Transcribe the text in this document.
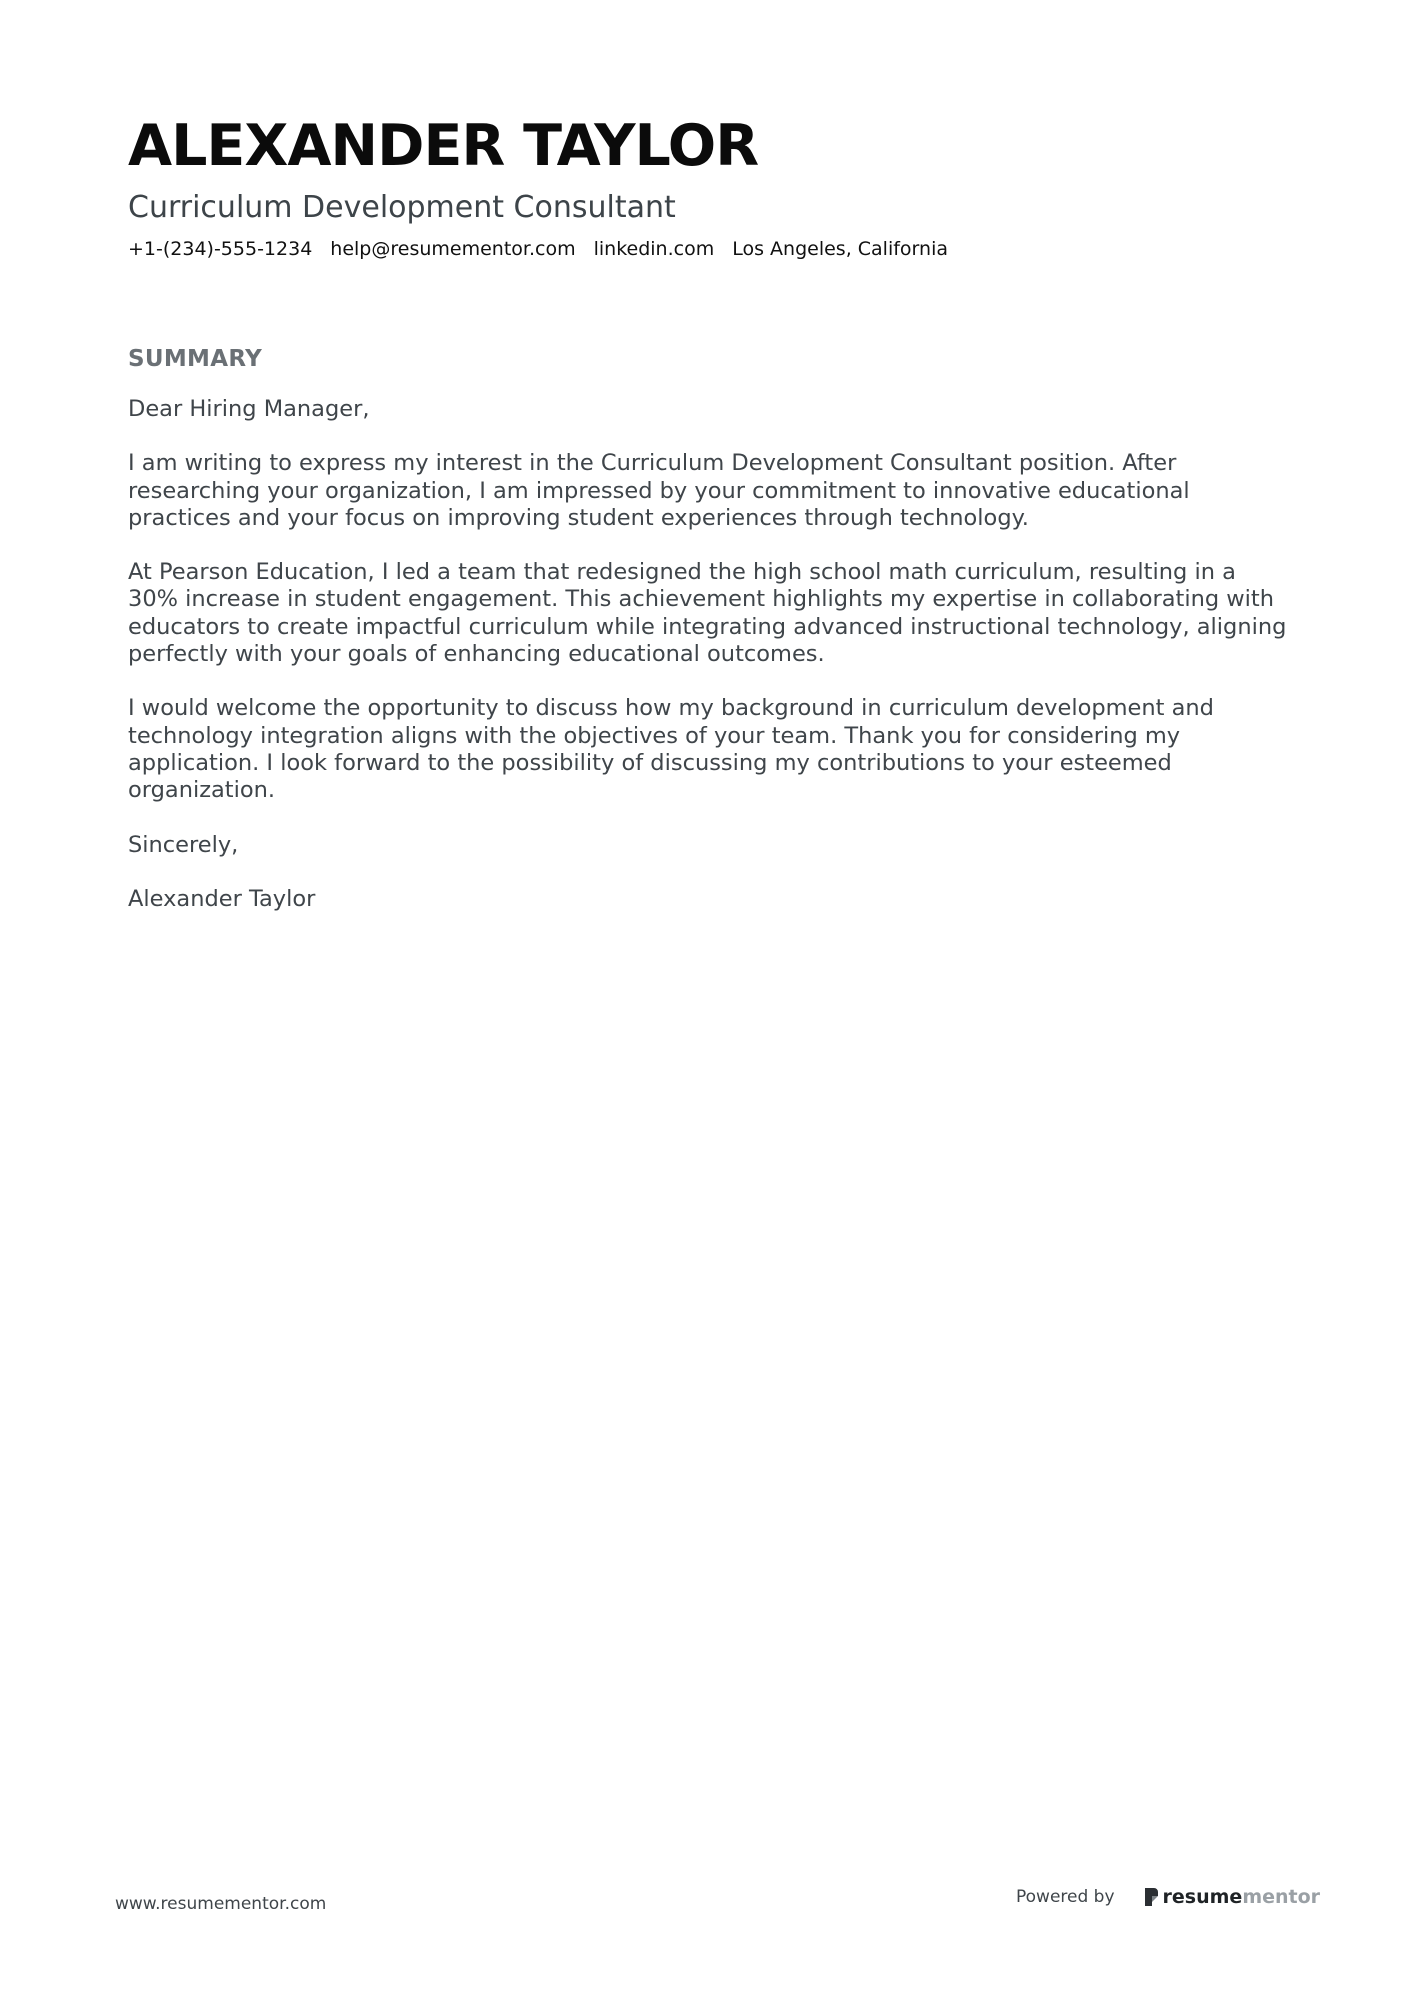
ALEXANDER TAYLOR
Curriculum Development Consultant
+1-(234)-555-1234 help@resumementor.com linkedin.com Los Angeles, California
SUMMARY

Dear Hiring Manager,

I am writing to express my interest in the Curriculum Development Consultant position. After researching your organization, I am impressed by your commitment to innovative educational practices and your focus on improving student experiences through technology.

At Pearson Education, I led a team that redesigned the high school math curriculum, resulting in a 30% increase in student engagement. This achievement highlights my expertise in collaborating with educators to create impactful curriculum while integrating advanced instructional technology, aligning perfectly with your goals of enhancing educational outcomes.

I would welcome the opportunity to discuss how my background in curriculum development and technology integration aligns with the objectives of your team. Thank you for considering my application. I look forward to the possibility of discussing my contributions to your esteemed organization.

Sincerely,

Alexander Taylor

www.resumementor.com	Powered by	resume mentor
